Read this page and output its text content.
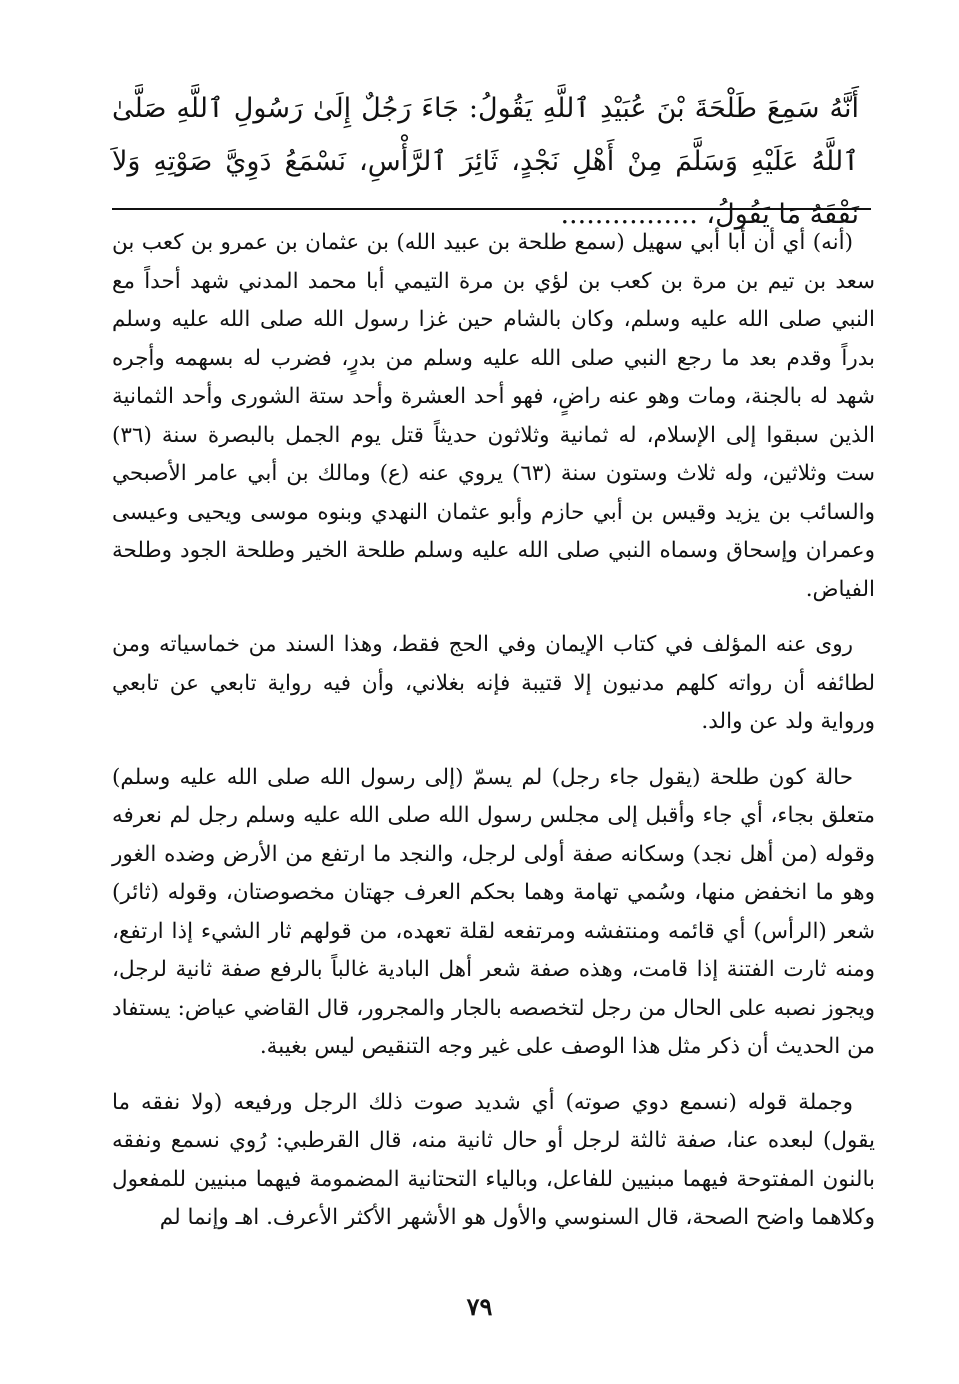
أَنَّهُ سَمِعَ طَلْحَةَ بْنَ عُبَيْدِ ٱللَّهِ يَقُولُ: جَاءَ رَجُلٌ إِلَىٰ رَسُولِ ٱللَّهِ صَلَّىٰ ٱللَّهُ عَلَيْهِ وَسَلَّمَ مِنْ أَهْلِ نَجْدٍ، ثَائِرَ ٱلرَّأْسِ، نَسْمَعُ دَوِيَّ صَوْتِهِ وَلاَ نَفْقَهُ مَا يَقُولُ، ................

(أنه) أي أن أبا أبي سهيل (سمع طلحة بن عبيد الله) بن عثمان بن عمرو بن كعب بن سعد بن تيم بن مرة بن كعب بن لؤي بن مرة التيمي أبا محمد المدني شهد أحداً مع النبي صلى الله عليه وسلم، وكان بالشام حين غزا رسول الله صلى الله عليه وسلم بدراً وقدم بعد ما رجع النبي صلى الله عليه وسلم من بدرٍ، فضرب له بسهمه وأجره شهد له بالجنة، ومات وهو عنه راضٍ، فهو أحد العشرة وأحد ستة الشورى وأحد الثمانية الذين سبقوا إلى الإسلام، له ثمانية وثلاثون حديثاً قتل يوم الجمل بالبصرة سنة (٣٦) ست وثلاثين، وله ثلاث وستون سنة (٦٣) يروي عنه (ع) ومالك بن أبي عامر الأصبحي والسائب بن يزيد وقيس بن أبي حازم وأبو عثمان النهدي وبنوه موسى ويحيى وعيسى وعمران وإسحاق وسماه النبي صلى الله عليه وسلم طلحة الخير وطلحة الجود وطلحة الفياض.

روى عنه المؤلف في كتاب الإيمان وفي الحج فقط، وهذا السند من خماسياته ومن لطائفه أن رواته كلهم مدنيون إلا قتيبة فإنه بغلاني، وأن فيه رواية تابعي عن تابعي ورواية ولد عن والد.

حالة كون طلحة (يقول جاء رجل) لم يسمّ (إلى رسول الله صلى الله عليه وسلم) متعلق بجاء، أي جاء وأقبل إلى مجلس رسول الله صلى الله عليه وسلم رجل لم نعرفه وقوله (من أهل نجد) وسكانه صفة أولى لرجل، والنجد ما ارتفع من الأرض وضده الغور وهو ما انخفض منها، وسُمي تهامة وهما بحكم العرف جهتان مخصوصتان، وقوله (ثائر) شعر (الرأس) أي قائمه ومنتفشه ومرتفعه لقلة تعهده، من قولهم ثار الشيء إذا ارتفع، ومنه ثارت الفتنة إذا قامت، وهذه صفة شعر أهل البادية غالباً بالرفع صفة ثانية لرجل، ويجوز نصبه على الحال من رجل لتخصصه بالجار والمجرور، قال القاضي عياض: يستفاد من الحديث أن ذكر مثل هذا الوصف على غير وجه التنقيص ليس بغيبة.

وجملة قوله (نسمع دوي صوته) أي شديد صوت ذلك الرجل ورفيعه (ولا نفقه ما يقول) لبعده عنا، صفة ثالثة لرجل أو حال ثانية منه، قال القرطبي: رُوي نسمع ونفقه بالنون المفتوحة فيهما مبنيين للفاعل، وبالياء التحتانية المضمومة فيهما مبنيين للمفعول وكلاهما واضح الصحة، قال السنوسي والأول هو الأشهر الأكثر الأعرف. اهـ وإنما لم

٧٩
